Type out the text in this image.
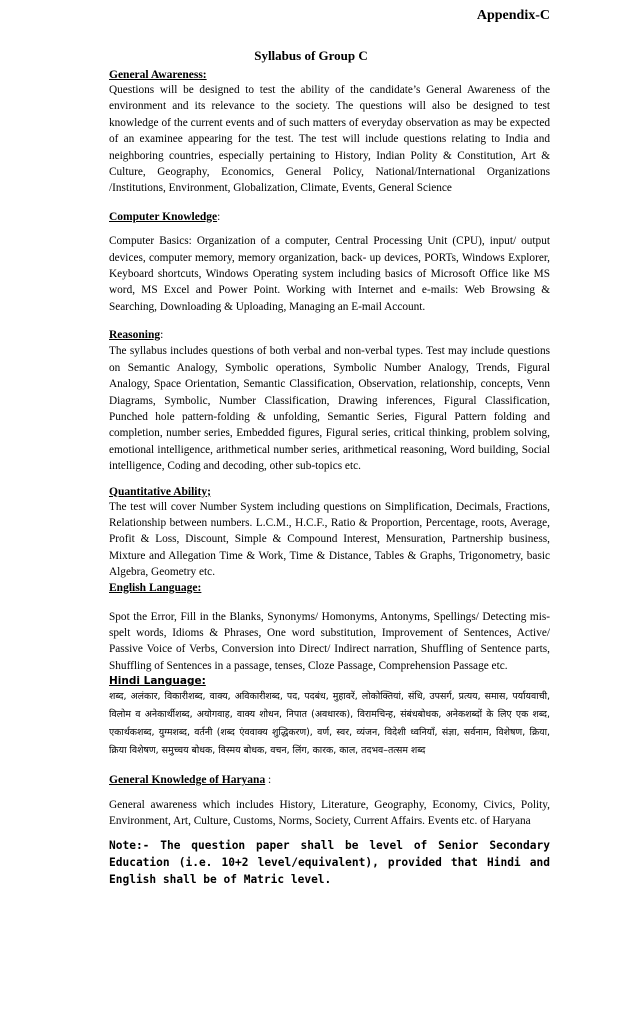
Appendix-C
Syllabus of Group C
General Awareness:

Questions will be designed to test the ability of the candidate’s General Awareness of the environment and its relevance to the society. The questions will also be designed to test knowledge of the current events and of such matters of everyday observation as may be expected of an examinee appearing for the test. The test will include questions relating to India and neighboring countries, especially pertaining to History, Indian Polity & Constitution, Art & Culture, Geography, Economics, General Policy, National/International Organizations /Institutions, Environment, Globalization, Climate, Events, General Science

Computer Knowledge:

Computer Basics: Organization of a computer, Central Processing Unit (CPU), input/ output devices, computer memory, memory organization, back- up devices, PORTs, Windows Explorer, Keyboard shortcuts, Windows Operating system including basics of Microsoft Office like MS word, MS Excel and Power Point. Working with Internet and e-mails: Web Browsing & Searching, Downloading & Uploading, Managing an E-mail Account.

Reasoning:

The syllabus includes questions of both verbal and non-verbal types. Test may include questions on Semantic Analogy, Symbolic operations, Symbolic Number Analogy, Trends, Figural Analogy, Space Orientation, Semantic Classification, Observation, relationship, concepts, Venn Diagrams, Symbolic, Number Classification, Drawing inferences, Figural Classification, Punched hole pattern-folding & unfolding, Semantic Series, Figural Pattern folding and completion, number series, Embedded figures, Figural series, critical thinking, problem solving, emotional intelligence, arithmetical number series, arithmetical reasoning, Word building, Social intelligence, Coding and decoding, other sub-topics etc.

Quantitative Ability;

The test will cover Number System including questions on Simplification, Decimals, Fractions, Relationship between numbers. L.C.M., H.C.F., Ratio & Proportion, Percentage, roots, Average, Profit & Loss, Discount, Simple & Compound Interest, Mensuration, Partnership business, Mixture and Allegation Time & Work, Time & Distance, Tables & Graphs, Trigonometry, basic Algebra, Geometry etc.

English Language:

Spot the Error, Fill in the Blanks, Synonyms/ Homonyms, Antonyms, Spellings/ Detecting mis-spelt words, Idioms & Phrases, One word substitution, Improvement of Sentences, Active/ Passive Voice of Verbs, Conversion into Direct/ Indirect narration, Shuffling of Sentence parts, Shuffling of Sentences in a passage, tenses, Cloze Passage, Comprehension Passage etc.

Hindi Language:

शब्द, अलंकार, विकारीशब्द, वाक्य, अविकारीशब्द, पद, पदबंध, मुहावरें, लोकोक्तियां, संधि, उपसर्ग, प्रत्यय, समास, पर्यायवाची, विलोम व अनेकार्थीशब्द, अयोगवाह, वाक्य शोधन, निपात (अवधारक), विरामचिन्ह, संबंधबोधक, अनेकशब्दों के लिए एक शब्द, एकार्थकशब्द, युग्मशब्द, वर्तनी (शब्द एंववाक्य शुद्धिकरण), वर्ण, स्वर, व्यंजन, विदेशी ध्वनियाँ, संज्ञा, सर्वनाम, विशेषण, क्रिया, क्रिया विशेषण, समुच्चय बोधक, विस्मय बोधक, वचन, लिंग, कारक, काल, तदभव–तत्सम शब्द

General Knowledge of Haryana :

General awareness which includes History, Literature, Geography, Economy, Civics, Polity, Environment, Art, Culture, Customs, Norms, Society, Current Affairs. Events etc. of Haryana

Note:- The question paper shall be level of Senior Secondary Education (i.e. 10+2 level/equivalent), provided that Hindi and English shall be of Matric level.
